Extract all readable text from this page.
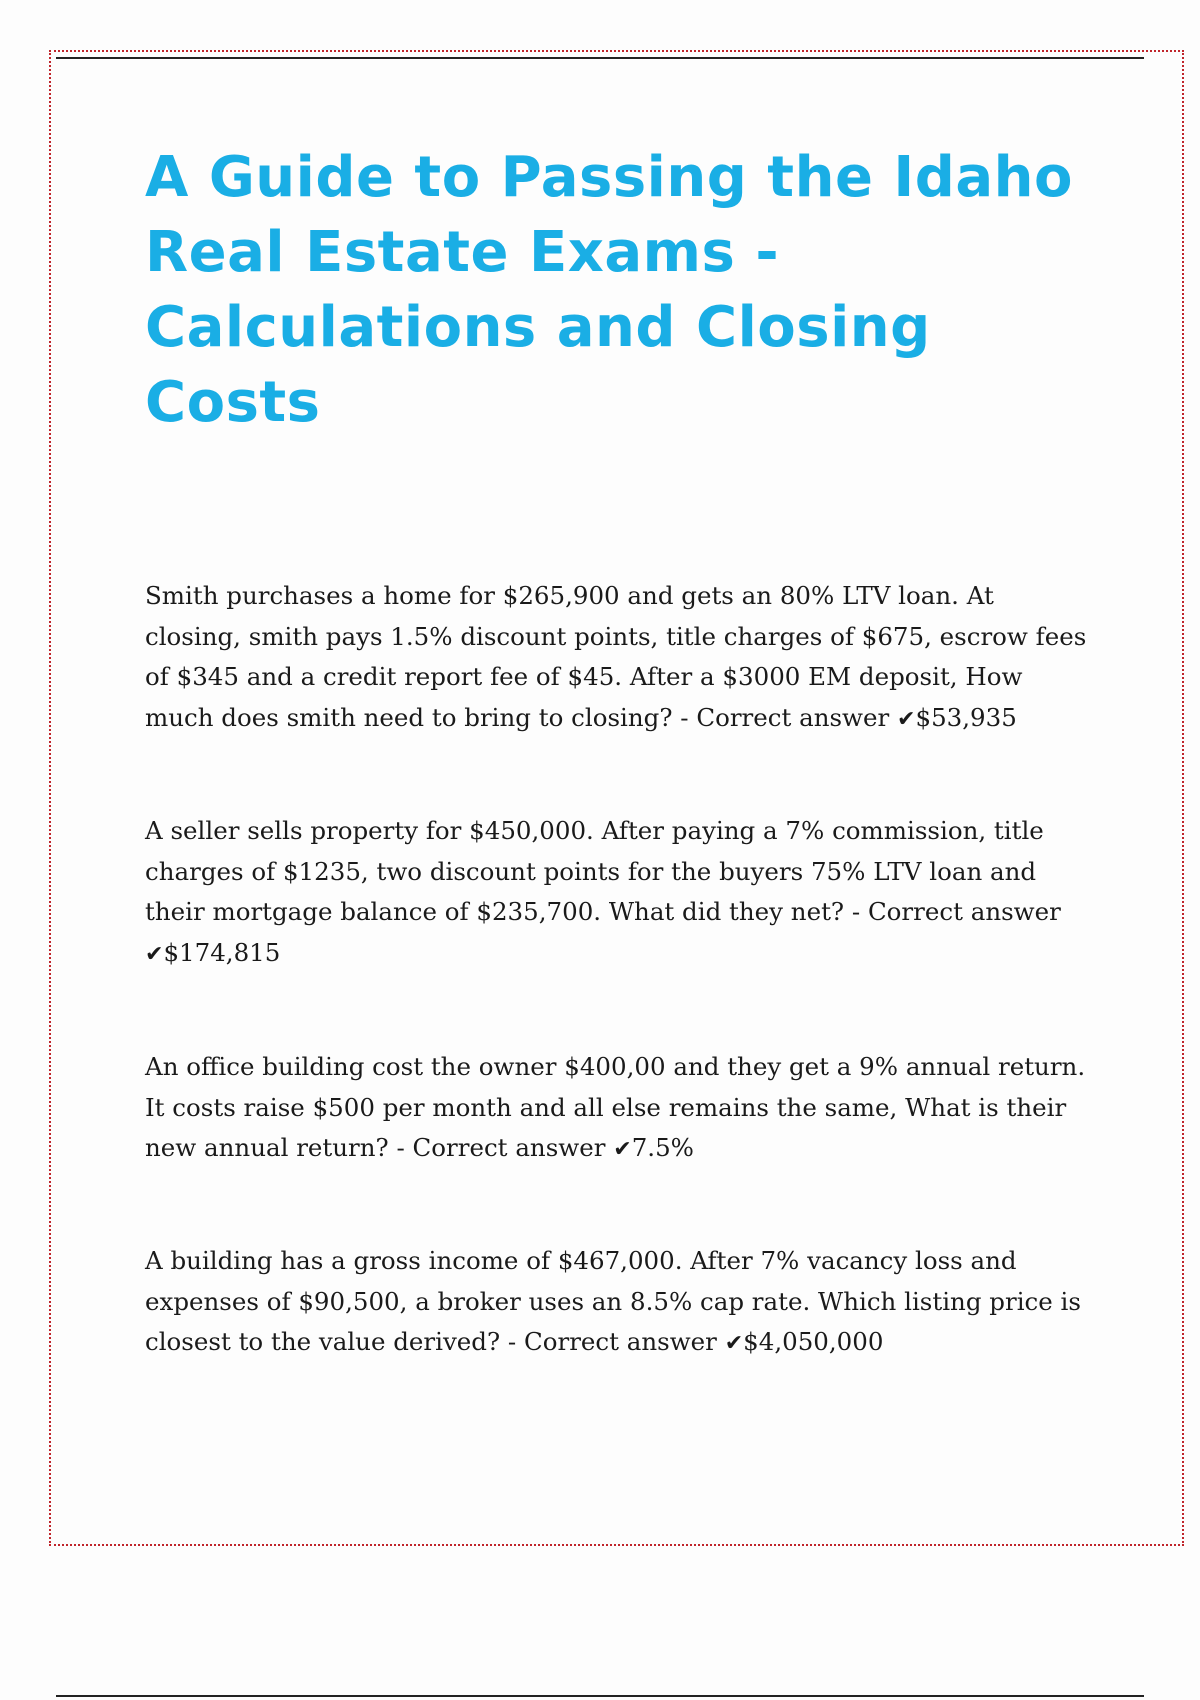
A Guide to Passing the Idaho Real Estate Exams - Calculations and Closing Costs

Smith purchases a home for $265,900 and gets an 80% LTV loan. At closing, smith pays 1.5% discount points, title charges of $675, escrow fees of $345 and a credit report fee of $45. After a $3000 EM deposit, How much does smith need to bring to closing? - Correct answer ✔$53,935

A seller sells property for $450,000. After paying a 7% commission, title charges of $1235, two discount points for the buyers 75% LTV loan and their mortgage balance of $235,700. What did they net? - Correct answer ✔$174,815

An office building cost the owner $400,00 and they get a 9% annual return. It costs raise $500 per month and all else remains the same, What is their new annual return? - Correct answer ✔7.5%

A building has a gross income of $467,000. After 7% vacancy loss and expenses of $90,500, a broker uses an 8.5% cap rate. Which listing price is closest to the value derived? - Correct answer ✔$4,050,000
